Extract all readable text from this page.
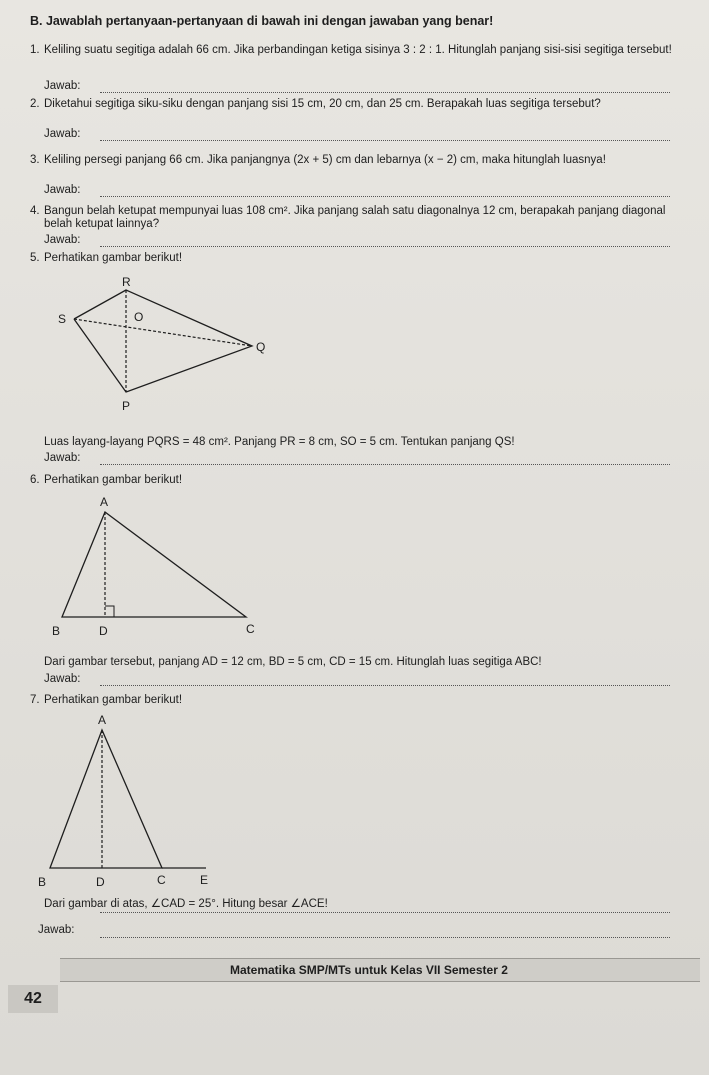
B. Jawablah pertanyaan-pertanyaan di bawah ini dengan jawaban yang benar!
1. Keliling suatu segitiga adalah 66 cm. Jika perbandingan ketiga sisinya 3 : 2 : 1. Hitunglah panjang sisi-sisi segitiga tersebut!
Jawab:
2. Diketahui segitiga siku-siku dengan panjang sisi 15 cm, 20 cm, dan 25 cm. Berapakah luas segitiga tersebut?
Jawab:
3. Keliling persegi panjang 66 cm. Jika panjangnya (2x + 5) cm dan lebarnya (x − 2) cm, maka hitunglah luasnya!
Jawab:
4. Bangun belah ketupat mempunyai luas 108 cm². Jika panjang salah satu diagonalnya 12 cm, berapakah panjang diagonal belah ketupat lainnya?
Jawab:
5. Perhatikan gambar berikut!
R
S	O
Q
P
Luas layang-layang PQRS = 48 cm². Panjang PR = 8 cm, SO = 5 cm. Tentukan panjang QS!
Jawab:
6. Perhatikan gambar berikut!
A
B	D	C
Dari gambar tersebut, panjang AD = 12 cm, BD = 5 cm, CD = 15 cm. Hitunglah luas segitiga ABC!
Jawab:
7. Perhatikan gambar berikut!
A
B	D	C	E
Dari gambar di atas, ∠CAD = 25°. Hitung besar ∠ACE!
Jawab:
Matematika SMP/MTs untuk Kelas VII Semester 2
42
